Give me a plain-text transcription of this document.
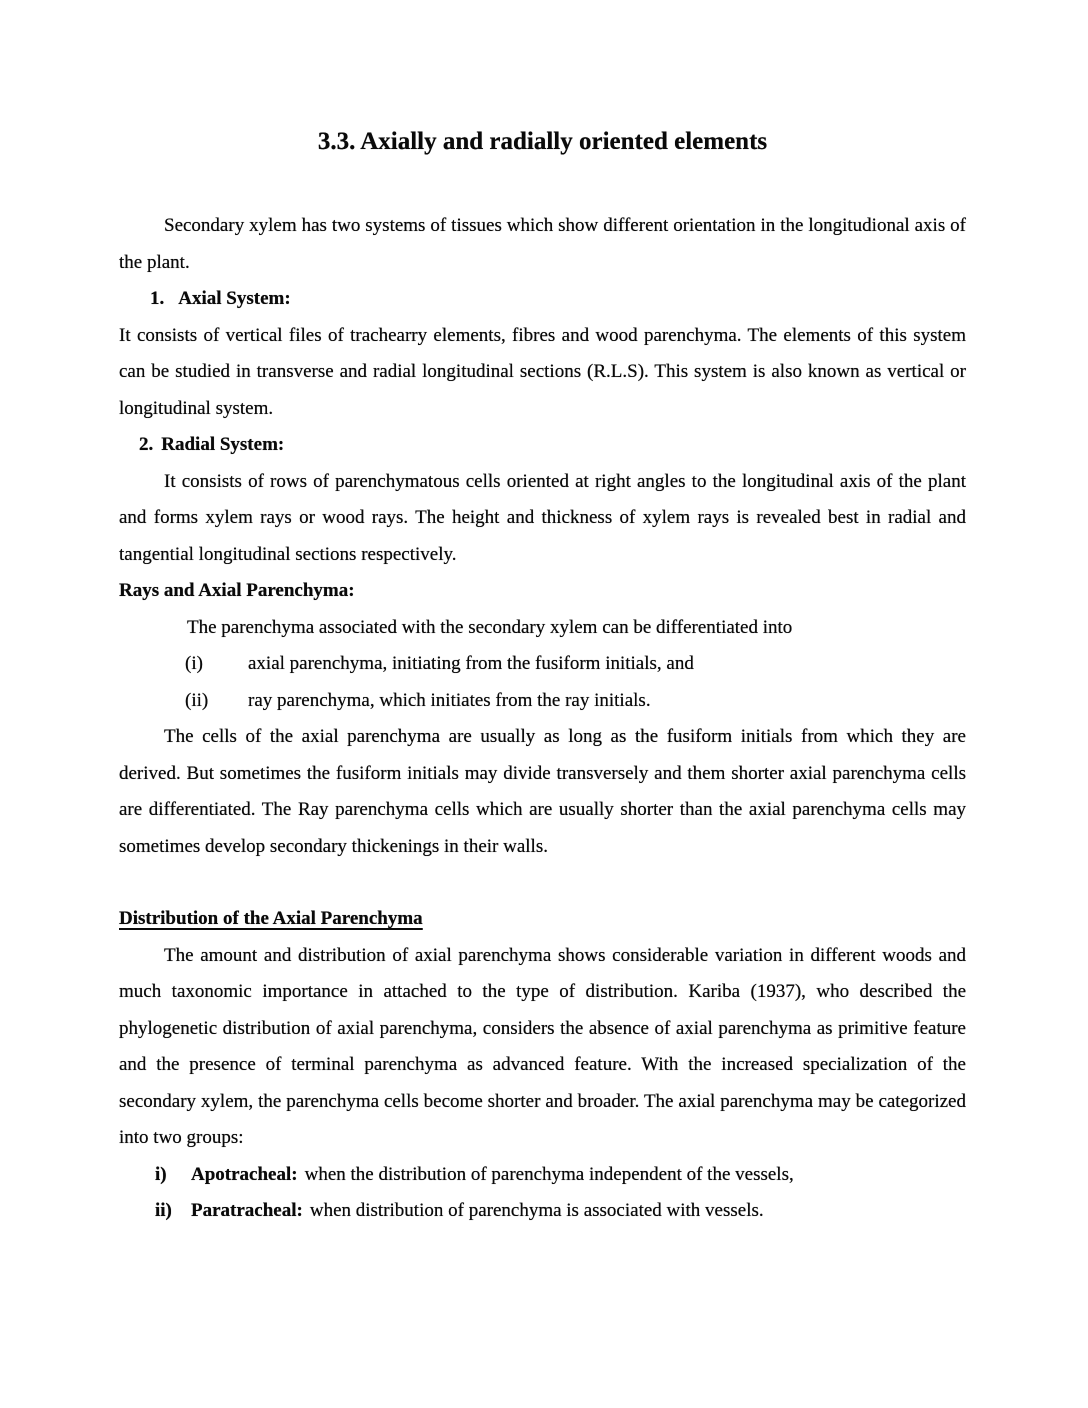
3.3. Axially and radially oriented elements

Secondary xylem has two systems of tissues which show different orientation in the longitudional axis of the plant.

1. Axial System:

It consists of vertical files of trachearry elements, fibres and wood parenchyma. The elements of this system can be studied in transverse and radial longitudinal sections (R.L.S). This system is also known as vertical or longitudinal system.

2. Radial System:

It consists of rows of parenchymatous cells oriented at right angles to the longitudinal axis of the plant and forms xylem rays or wood rays. The height and thickness of xylem rays is revealed best in radial and tangential longitudinal sections respectively.

Rays and Axial Parenchyma:

The parenchyma associated with the secondary xylem can be differentiated into

(i) axial parenchyma, initiating from the fusiform initials, and

(ii) ray parenchyma, which initiates from the ray initials.

The cells of the axial parenchyma are usually as long as the fusiform initials from which they are derived. But sometimes the fusiform initials may divide transversely and them shorter axial parenchyma cells are differentiated. The Ray parenchyma cells which are usually shorter than the axial parenchyma cells may sometimes develop secondary thickenings in their walls.

Distribution of the Axial Parenchyma

The amount and distribution of axial parenchyma shows considerable variation in different woods and much taxonomic importance in attached to the type of distribution. Kariba (1937), who described the phylogenetic distribution of axial parenchyma, considers the absence of axial parenchyma as primitive feature and the presence of terminal parenchyma as advanced feature. With the increased specialization of the secondary xylem, the parenchyma cells become shorter and broader. The axial parenchyma may be categorized into two groups:

i) Apotracheal: when the distribution of parenchyma independent of the vessels,

ii) Paratracheal: when distribution of parenchyma is associated with vessels.
